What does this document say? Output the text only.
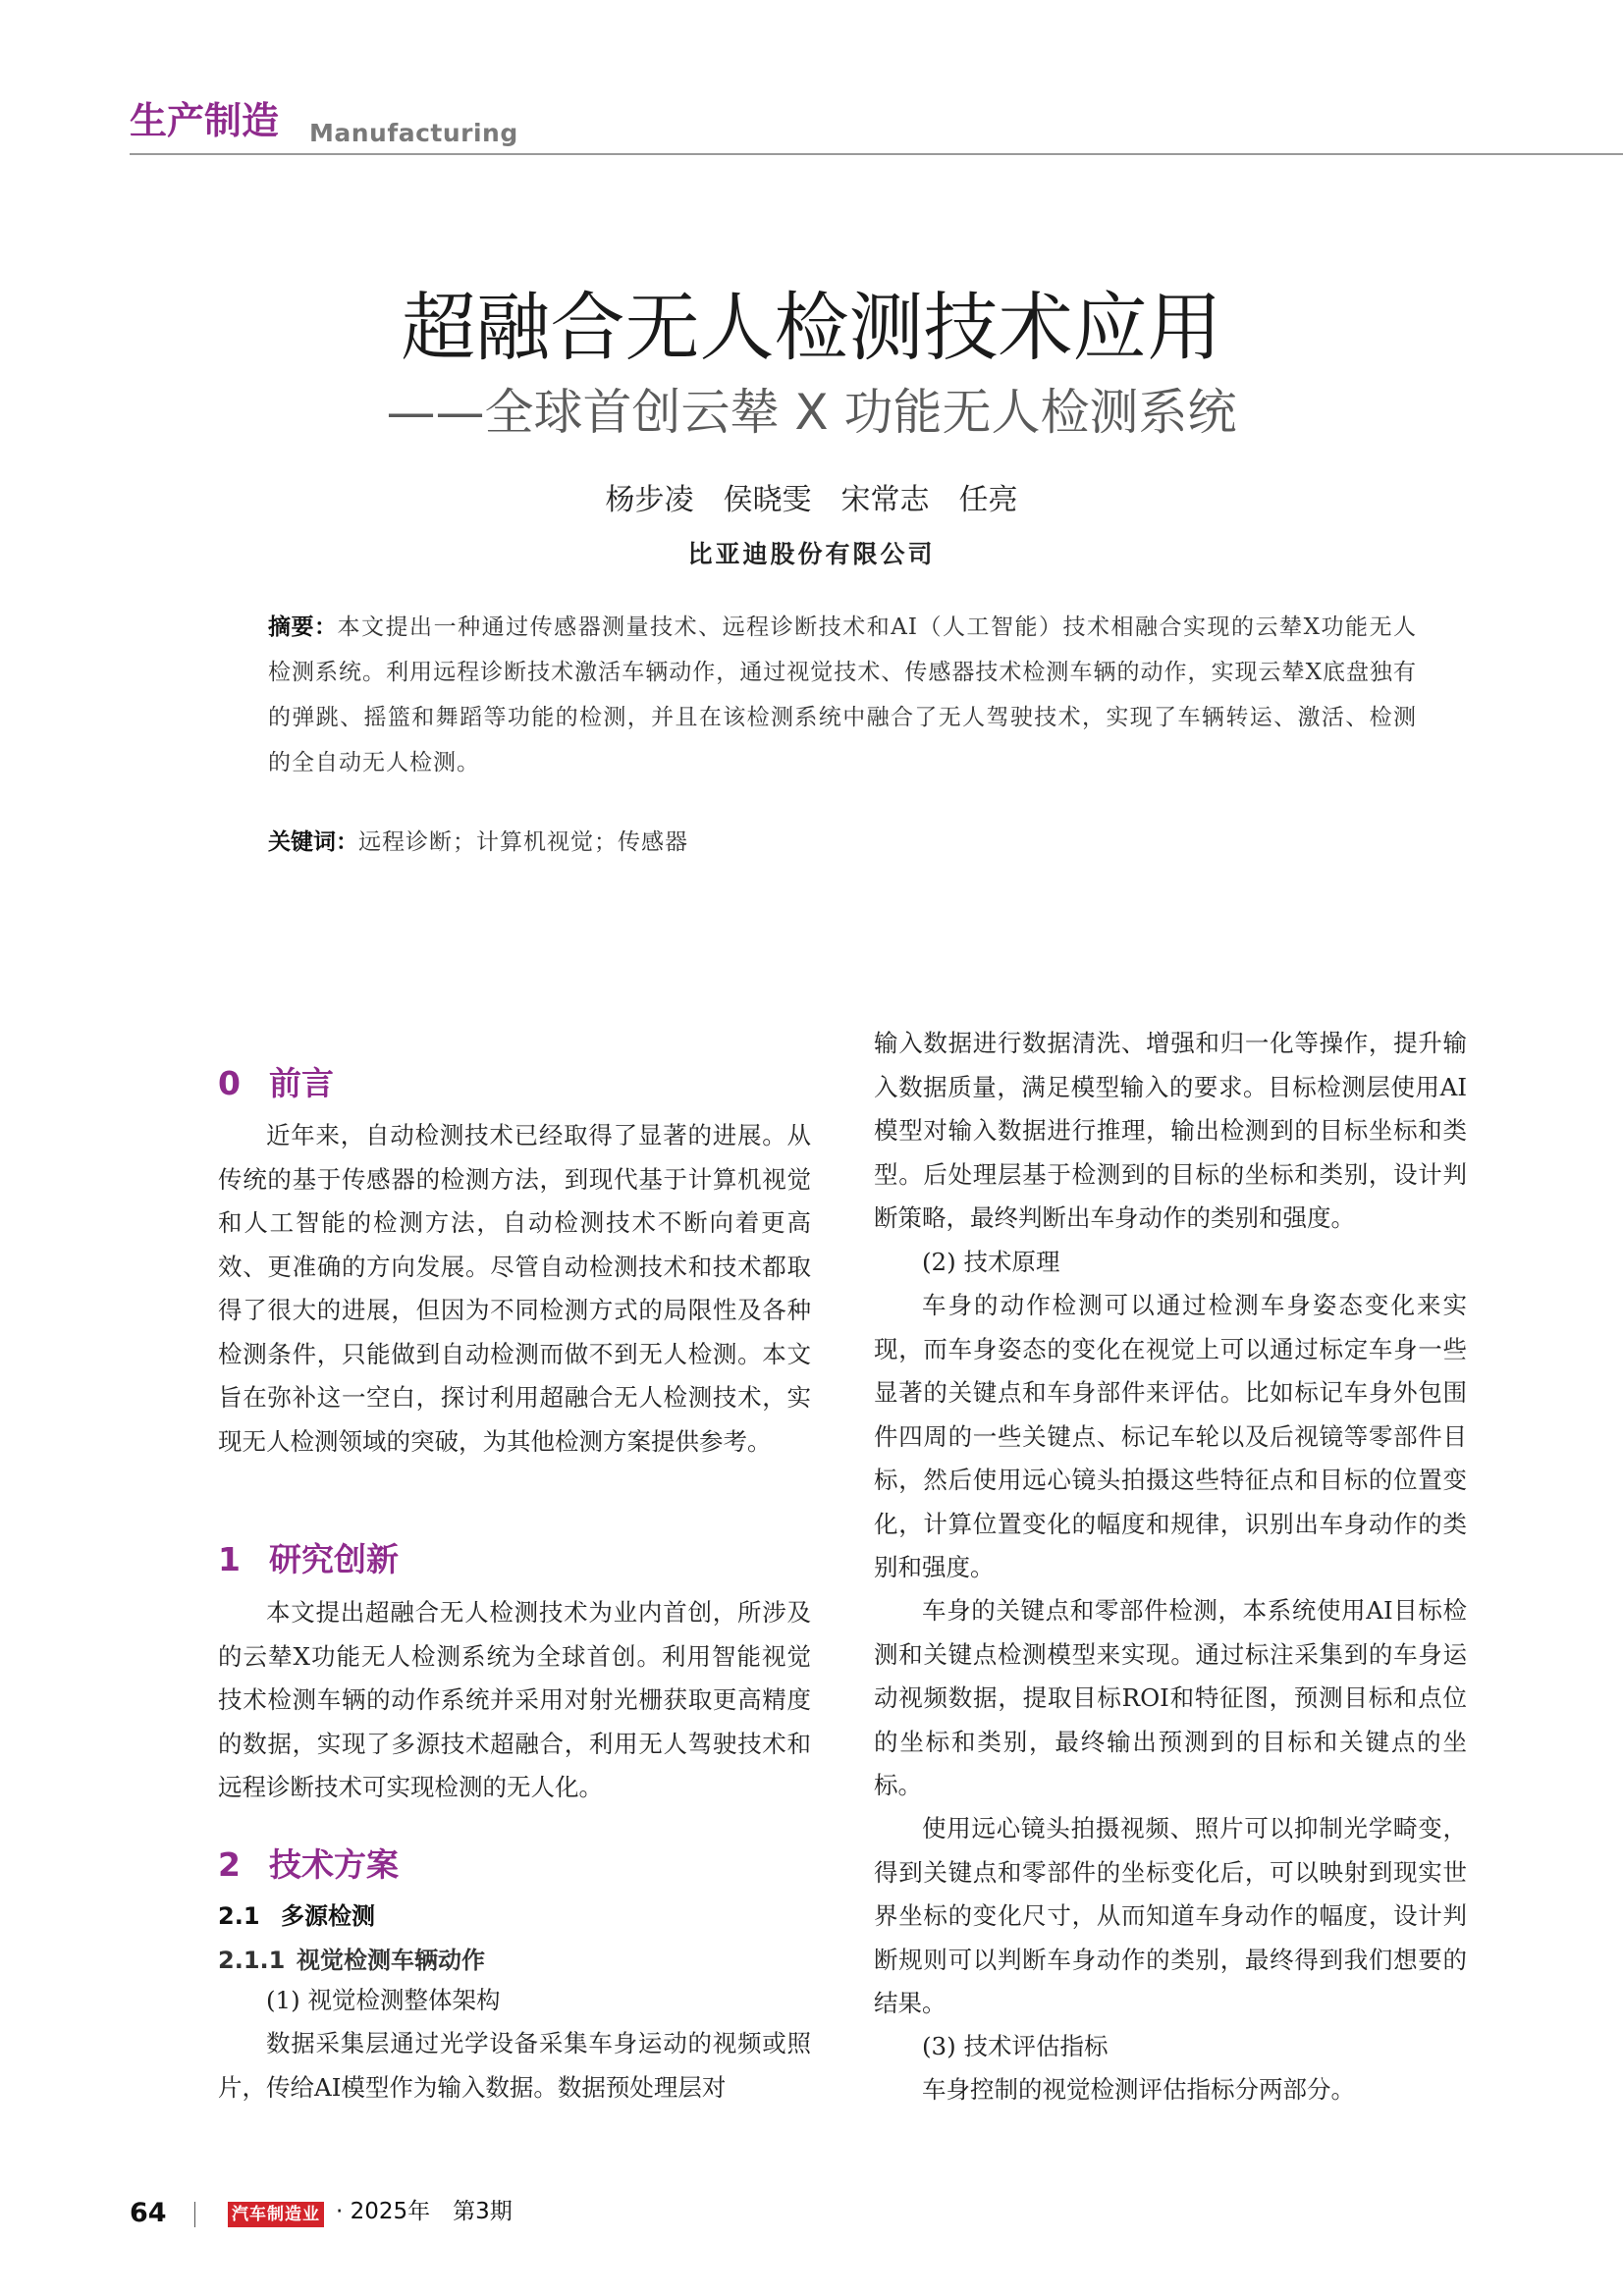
生产制造 Manufacturing
超融合无人检测技术应用
——全球首创云辇 X 功能无人检测系统
杨步凌　侯晓雯　宋常志　任亮
比亚迪股份有限公司

摘要：本文提出一种通过传感器测量技术、远程诊断技术和AI（人工智能）技术相融合实现的云辇X功能无人检测系统。利用远程诊断技术激活车辆动作，通过视觉技术、传感器技术检测车辆的动作，实现云辇X底盘独有的弹跳、摇篮和舞蹈等功能的检测，并且在该检测系统中融合了无人驾驶技术，实现了车辆转运、激活、检测的全自动无人检测。

关键词：远程诊断；计算机视觉；传感器

0 前言

近年来，自动检测技术已经取得了显著的进展。从传统的基于传感器的检测方法，到现代基于计算机视觉和人工智能的检测方法，自动检测技术不断向着更高效、更准确的方向发展。尽管自动检测技术和技术都取得了很大的进展，但因为不同检测方式的局限性及各种检测条件，只能做到自动检测而做不到无人检测。本文旨在弥补这一空白，探讨利用超融合无人检测技术，实现无人检测领域的突破，为其他检测方案提供参考。

1 研究创新

本文提出超融合无人检测技术为业内首创，所涉及的云辇X功能无人检测系统为全球首创。利用智能视觉技术检测车辆的动作系统并采用对射光栅获取更高精度的数据，实现了多源技术超融合，利用无人驾驶技术和远程诊断技术可实现检测的无人化。

2 技术方案
2.1 多源检测
2.1.1 视觉检测车辆动作

(1) 视觉检测整体架构

数据采集层通过光学设备采集车身运动的视频或照片，传给AI模型作为输入数据。数据预处理层对

输入数据进行数据清洗、增强和归一化等操作，提升输入数据质量，满足模型输入的要求。目标检测层使用AI模型对输入数据进行推理，输出检测到的目标坐标和类型。后处理层基于检测到的目标的坐标和类别，设计判断策略，最终判断出车身动作的类别和强度。

(2) 技术原理

车身的动作检测可以通过检测车身姿态变化来实现，而车身姿态的变化在视觉上可以通过标定车身一些显著的关键点和车身部件来评估。比如标记车身外包围件四周的一些关键点、标记车轮以及后视镜等零部件目标，然后使用远心镜头拍摄这些特征点和目标的位置变化，计算位置变化的幅度和规律，识别出车身动作的类别和强度。

车身的关键点和零部件检测，本系统使用AI目标检测和关键点检测模型来实现。通过标注采集到的车身运动视频数据，提取目标ROI和特征图，预测目标和点位的坐标和类别，最终输出预测到的目标和关键点的坐标。

使用远心镜头拍摄视频、照片可以抑制光学畸变，得到关键点和零部件的坐标变化后，可以映射到现实世界坐标的变化尺寸，从而知道车身动作的幅度，设计判断规则可以判断车身动作的类别，最终得到我们想要的结果。

(3) 技术评估指标

车身控制的视觉检测评估指标分两部分。

64	汽车制造业 · 2025年　第3期
